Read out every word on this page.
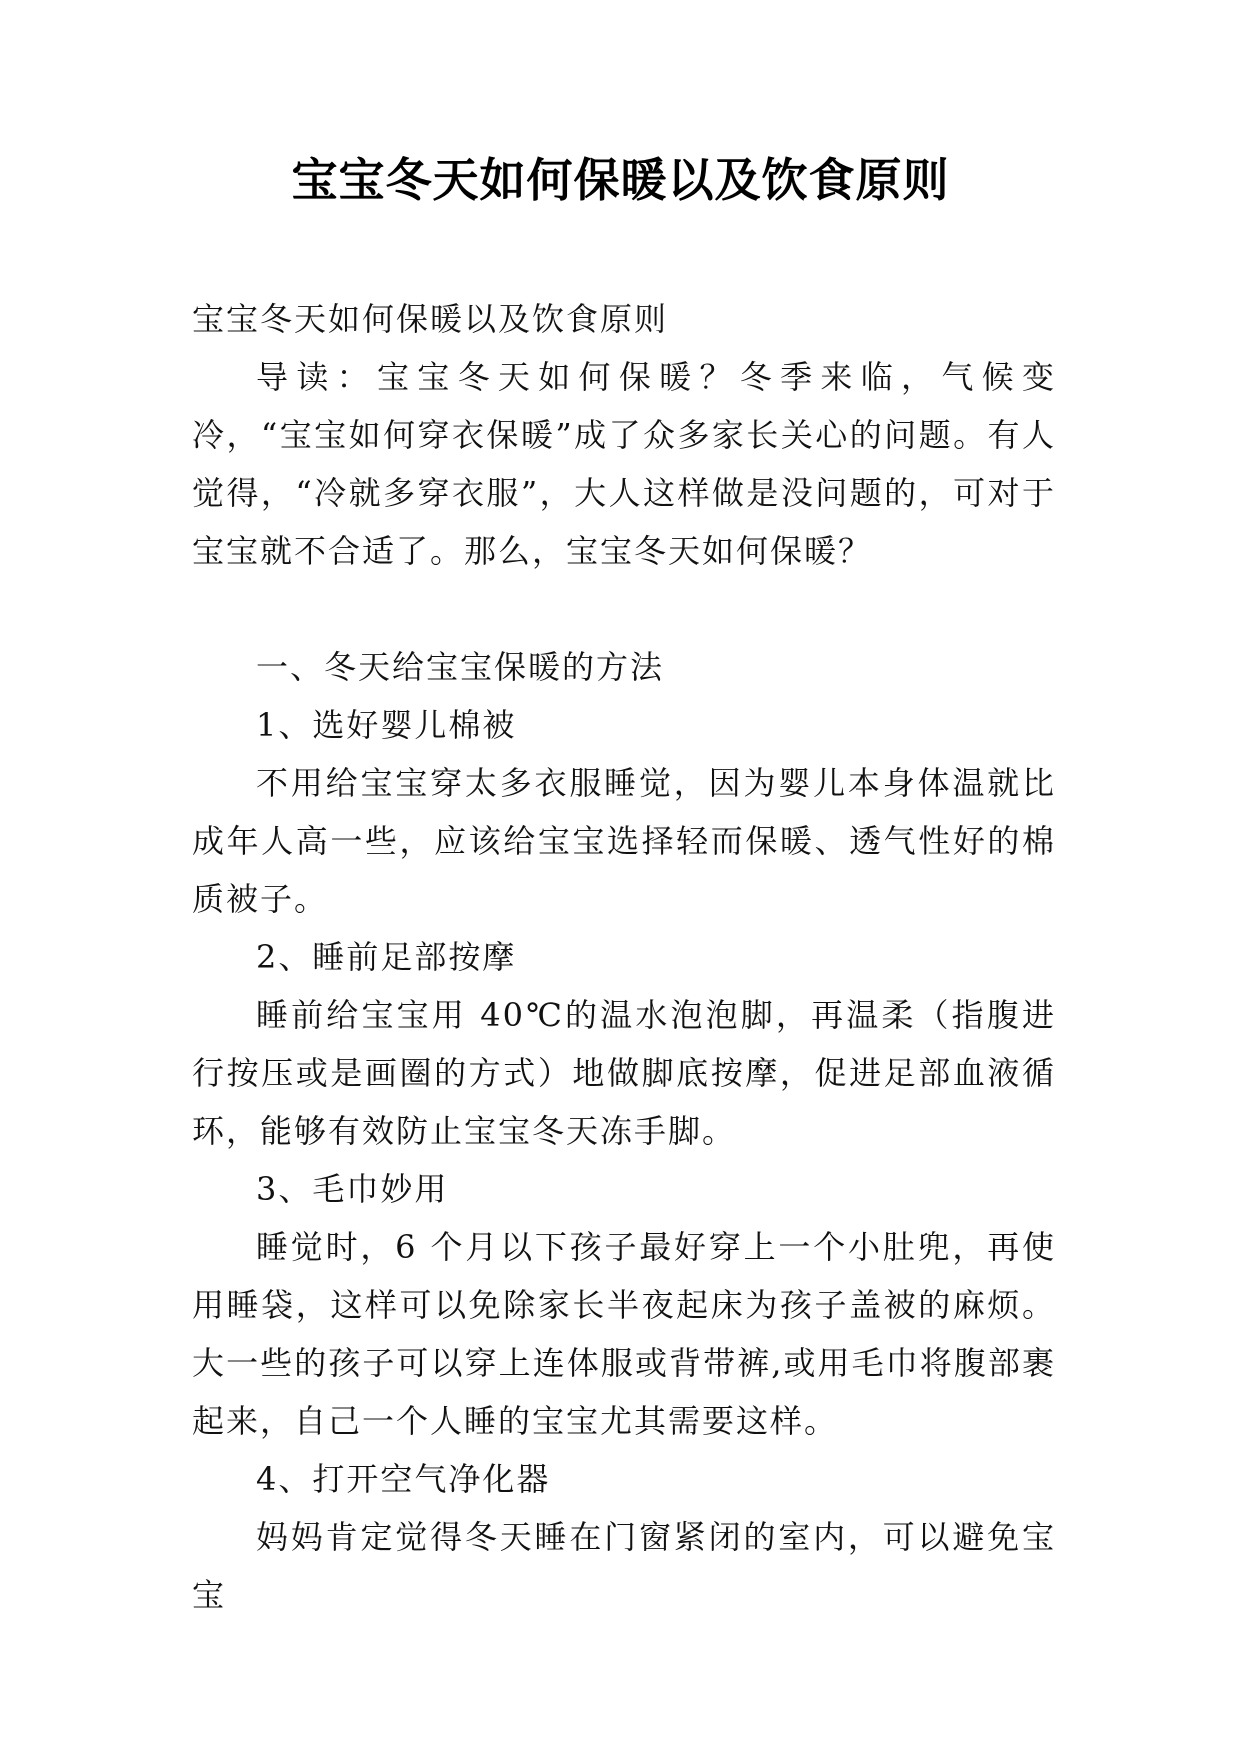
宝宝冬天如何保暖以及饮食原则

宝宝冬天如何保暖以及饮食原则

导读：宝宝冬天如何保暖？冬季来临，气候变冷，“宝宝如何穿衣保暖”成了众多家长关心的问题。有人觉得，“冷就多穿衣服”，大人这样做是没问题的，可对于宝宝就不合适了。那么，宝宝冬天如何保暖？

一、冬天给宝宝保暖的方法

1、选好婴儿棉被

不用给宝宝穿太多衣服睡觉，因为婴儿本身体温就比成年人高一些，应该给宝宝选择轻而保暖、透气性好的棉质被子。

2、睡前足部按摩

睡前给宝宝用 40℃的温水泡泡脚，再温柔（指腹进行按压或是画圈的方式）地做脚底按摩，促进足部血液循环，能够有效防止宝宝冬天冻手脚。

3、毛巾妙用

睡觉时，6 个月以下孩子最好穿上一个小肚兜，再使用睡袋，这样可以免除家长半夜起床为孩子盖被的麻烦。大一些的孩子可以穿上连体服或背带裤,或用毛巾将腹部裹起来，自己一个人睡的宝宝尤其需要这样。

4、打开空气净化器

妈妈肯定觉得冬天睡在门窗紧闭的室内，可以避免宝宝
